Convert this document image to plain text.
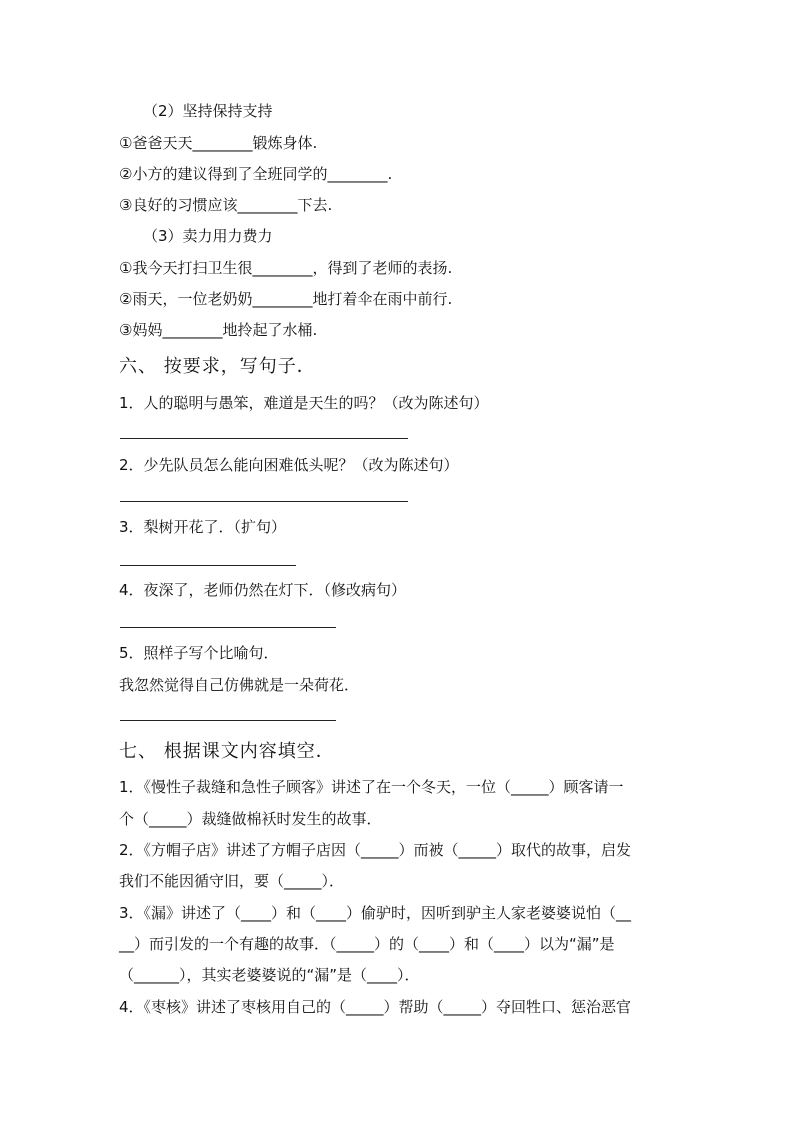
（2）坚持保持支持
①爸爸天天________锻炼身体.
②小方的建议得到了全班同学的________.
③良好的习惯应该________下去.
（3）卖力用力费力
①我今天打扫卫生很________，得到了老师的表扬.
②雨天，一位老奶奶________地打着伞在雨中前行.
③妈妈________地拎起了水桶.
六、 按要求，写句子．
1．人的聪明与愚笨，难道是天生的吗？（改为陈述句）
2．少先队员怎么能向困难低头呢？（改为陈述句）
3．梨树开花了．（扩句）
4．夜深了，老师仍然在灯下．（修改病句）
5．照样子写个比喻句．
我忽然觉得自己仿佛就是一朵荷花．
七、 根据课文内容填空．
1．《慢性子裁缝和急性子顾客》讲述了在一个冬天，一位（_____）顾客请一
个（_____）裁缝做棉袄时发生的故事．
2．《方帽子店》讲述了方帽子店因（_____）而被（_____）取代的故事，启发
我们不能因循守旧，要（_____）．
3．《漏》讲述了（____）和（____）偷驴时，因听到驴主人家老婆婆说怕（__
__）而引发的一个有趣的故事．（_____）的（____）和（____）以为“漏”是
（______），其实老婆婆说的“漏”是（____）．
4．《枣核》讲述了枣核用自己的（_____）帮助（_____）夺回牲口、惩治恶官
